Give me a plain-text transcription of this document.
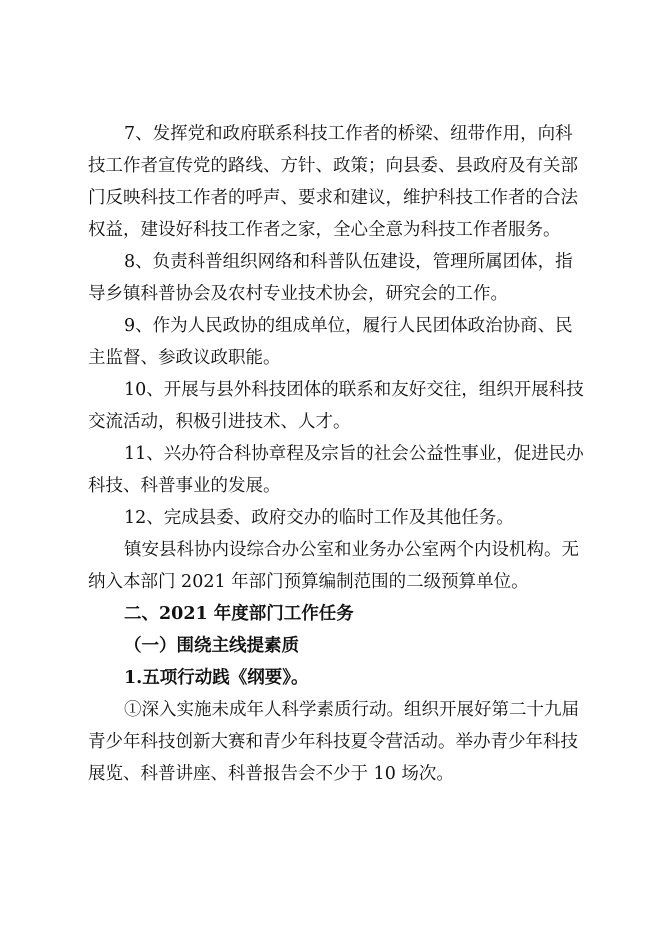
7、发挥党和政府联系科技工作者的桥梁、纽带作用，向科
技工作者宣传党的路线、方针、政策；向县委、县政府及有关部
门反映科技工作者的呼声、要求和建议，维护科技工作者的合法
权益，建设好科技工作者之家，全心全意为科技工作者服务。
8、负责科普组织网络和科普队伍建设，管理所属团体，指
导乡镇科普协会及农村专业技术协会，研究会的工作。
9、作为人民政协的组成单位，履行人民团体政治协商、民
主监督、参政议政职能。
10、开展与县外科技团体的联系和友好交往，组织开展科技
交流活动，积极引进技术、人才。
11、兴办符合科协章程及宗旨的社会公益性事业，促进民办
科技、科普事业的发展。
12、完成县委、政府交办的临时工作及其他任务。
镇安县科协内设综合办公室和业务办公室两个内设机构。无
纳入本部门 2021 年部门预算编制范围的二级预算单位。
二、2021 年度部门工作任务
（一）围绕主线提素质
1.五项行动践《纲要》。
①深入实施未成年人科学素质行动。组织开展好第二十九届
青少年科技创新大赛和青少年科技夏令营活动。举办青少年科技
展览、科普讲座、科普报告会不少于 10 场次。
